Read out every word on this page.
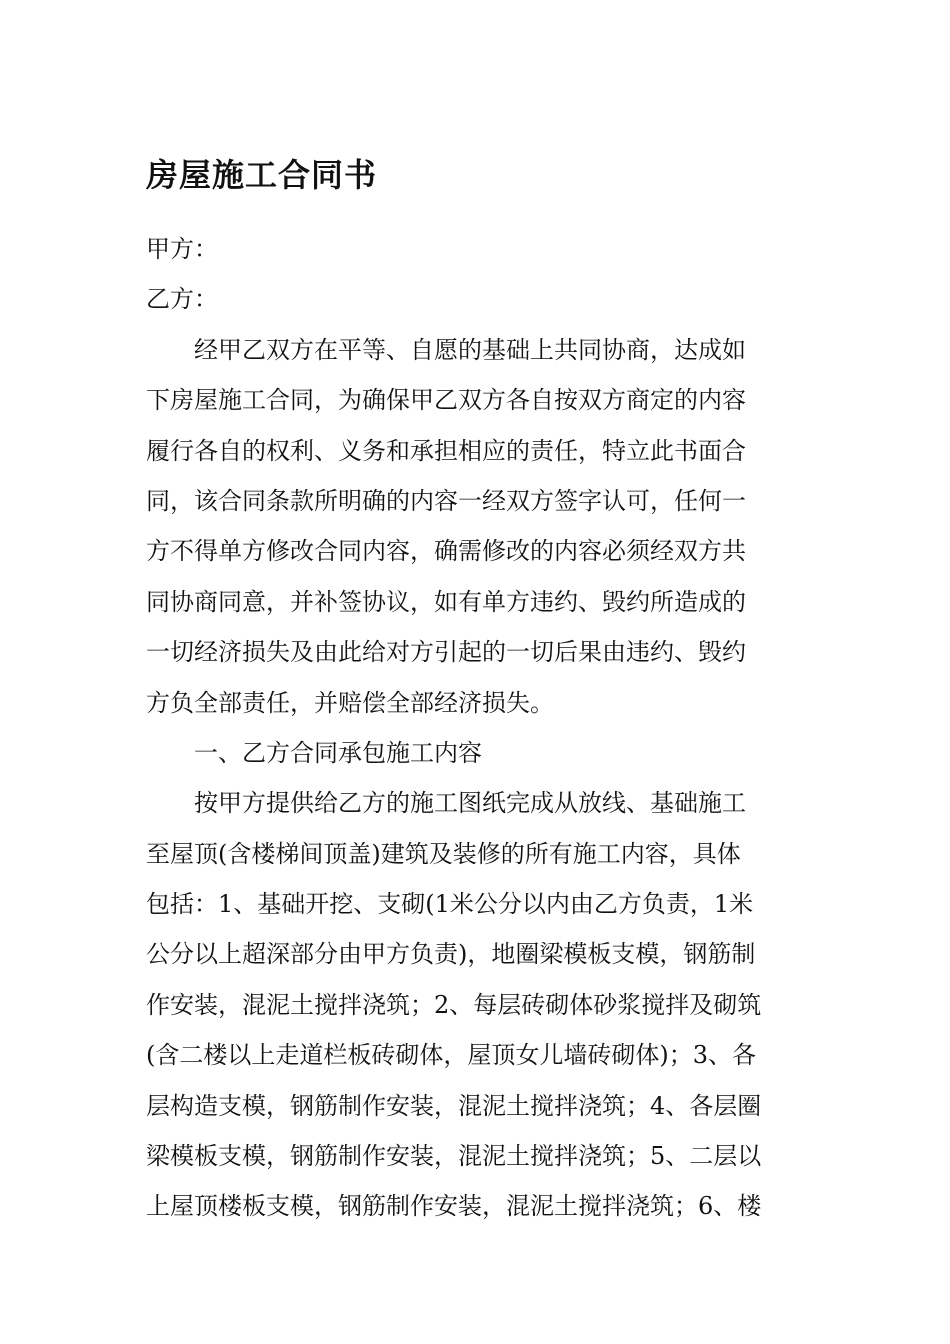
房屋施工合同书

甲方：

乙方：

经甲乙双方在平等、自愿的基础上共同协商，达成如

下房屋施工合同，为确保甲乙双方各自按双方商定的内容

履行各自的权利、义务和承担相应的责任，特立此书面合

同，该合同条款所明确的内容一经双方签字认可，任何一

方不得单方修改合同内容，确需修改的内容必须经双方共

同协商同意，并补签协议，如有单方违约、毁约所造成的

一切经济损失及由此给对方引起的一切后果由违约、毁约

方负全部责任，并赔偿全部经济损失。

一、乙方合同承包施工内容

按甲方提供给乙方的施工图纸完成从放线、基础施工

至屋顶(含楼梯间顶盖)建筑及装修的所有施工内容，具体

包括：1、基础开挖、支砌(1米公分以内由乙方负责，1米

公分以上超深部分由甲方负责)，地圈梁模板支模，钢筋制

作安装，混泥土搅拌浇筑；2、每层砖砌体砂浆搅拌及砌筑

(含二楼以上走道栏板砖砌体，屋顶女儿墙砖砌体)；3、各

层构造支模，钢筋制作安装，混泥土搅拌浇筑；4、各层圈

梁模板支模，钢筋制作安装，混泥土搅拌浇筑；5、二层以

上屋顶楼板支模，钢筋制作安装，混泥土搅拌浇筑；6、楼
